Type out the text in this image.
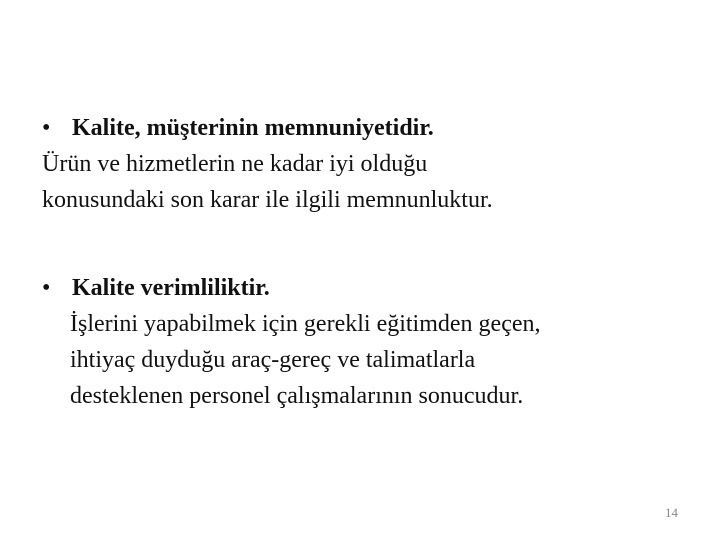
• Kalite, müşterinin memnuniyetidir.
Ürün ve hizmetlerin ne kadar iyi olduğu
konusundaki son karar ile ilgili memnunluktur.
• Kalite verimliliktir.
İşlerini yapabilmek için gerekli eğitimden geçen,
ihtiyaç duyduğu araç-gereç ve talimatlarla
desteklenen personel çalışmalarının sonucudur.
14
